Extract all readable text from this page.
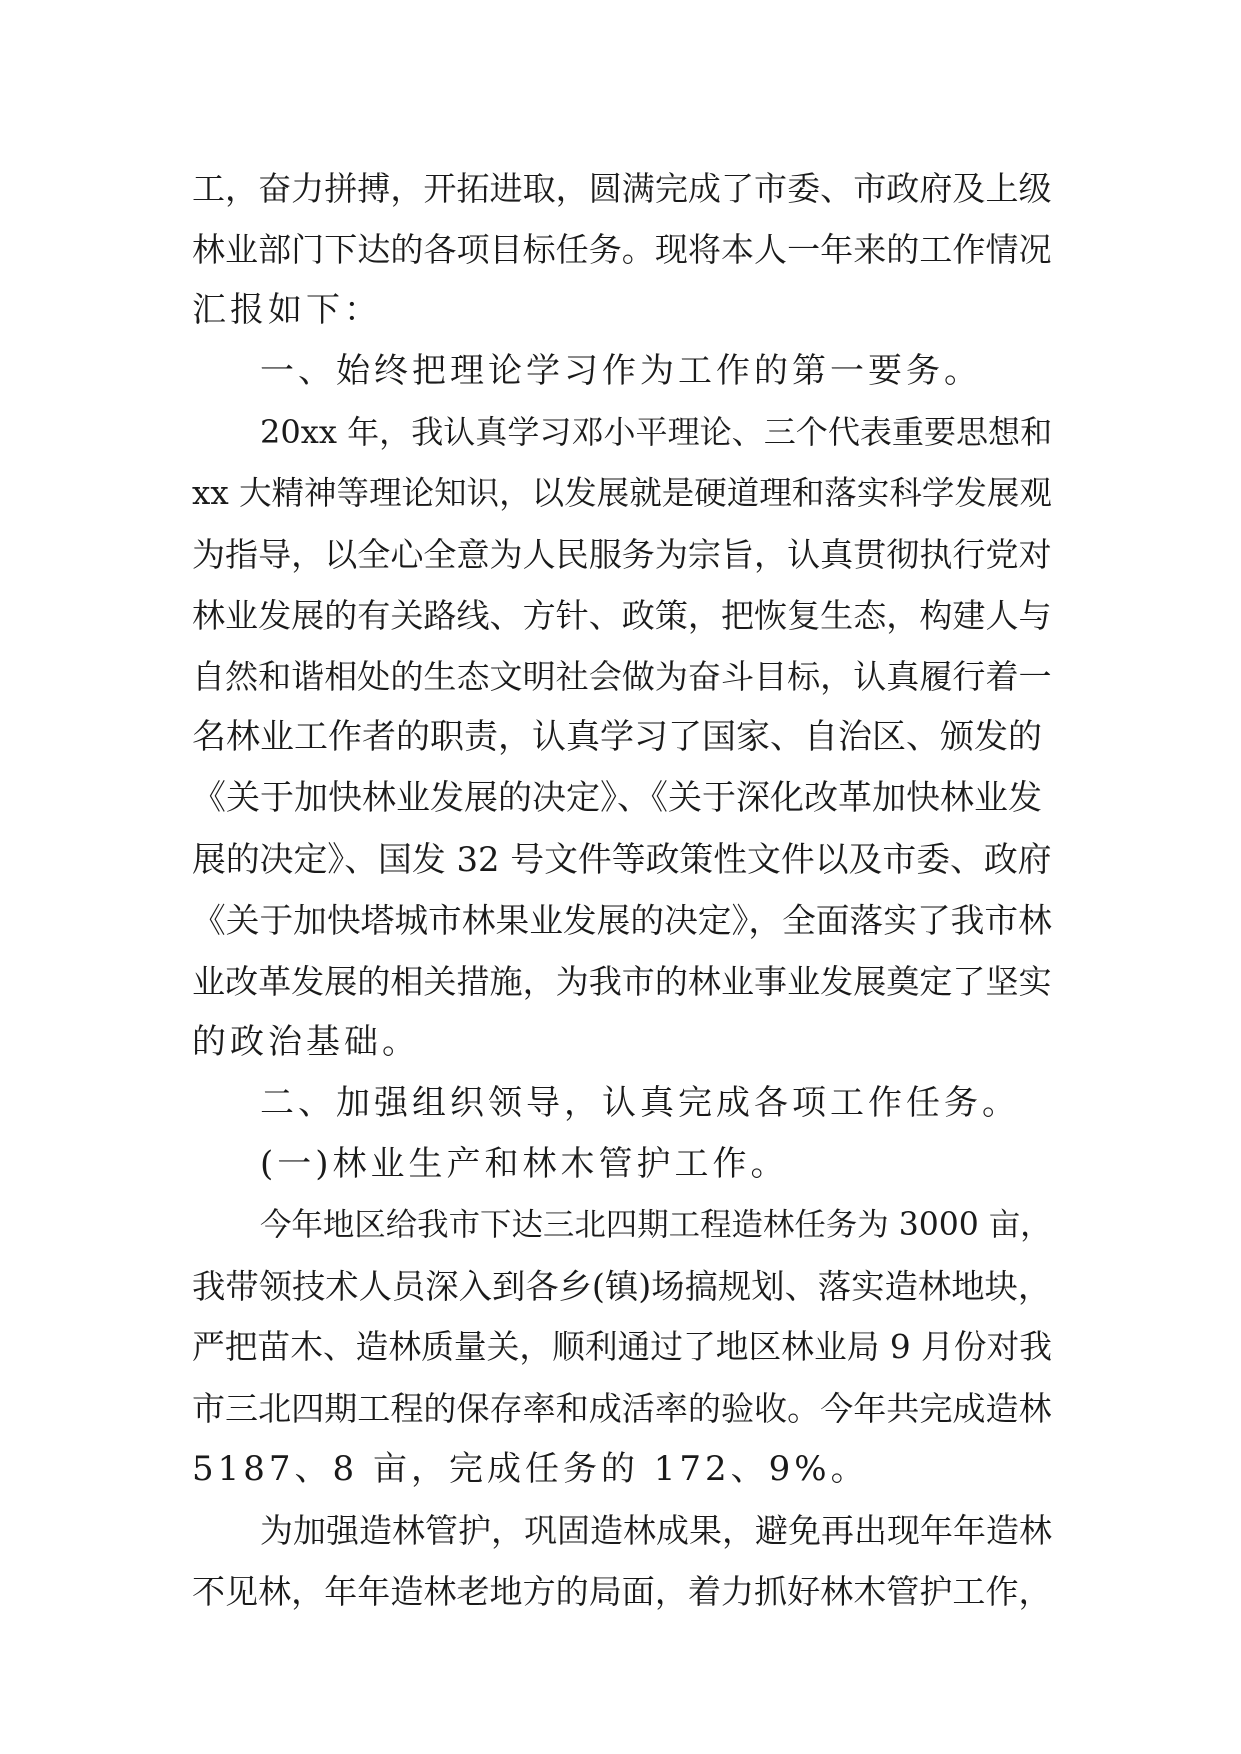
工，奋力拼搏，开拓进取，圆满完成了市委、市政府及上级
林业部门下达的各项目标任务。现将本人一年来的工作情况
汇报如下：
一、始终把理论学习作为工作的第一要务。
20xx 年，我认真学习邓小平理论、三个代表重要思想和
xx 大精神等理论知识，以发展就是硬道理和落实科学发展观
为指导，以全心全意为人民服务为宗旨，认真贯彻执行党对
林业发展的有关路线、方针、政策，把恢复生态，构建人与
自然和谐相处的生态文明社会做为奋斗目标，认真履行着一
名林业工作者的职责，认真学习了国家、自治区、颁发的
《关于加快林业发展的决定》、《关于深化改革加快林业发
展的决定》、国发 32 号文件等政策性文件以及市委、政府
《关于加快塔城市林果业发展的决定》，全面落实了我市林
业改革发展的相关措施，为我市的林业事业发展奠定了坚实
的政治基础。
二、加强组织领导，认真完成各项工作任务。
(一)林业生产和林木管护工作。
今年地区给我市下达三北四期工程造林任务为 3000 亩，
我带领技术人员深入到各乡(镇)场搞规划、落实造林地块，
严把苗木、造林质量关，顺利通过了地区林业局 9 月份对我
市三北四期工程的保存率和成活率的验收。今年共完成造林
5187、8 亩，完成任务的 172、9%。
为加强造林管护，巩固造林成果，避免再出现年年造林
不见林，年年造林老地方的局面，着力抓好林木管护工作，
